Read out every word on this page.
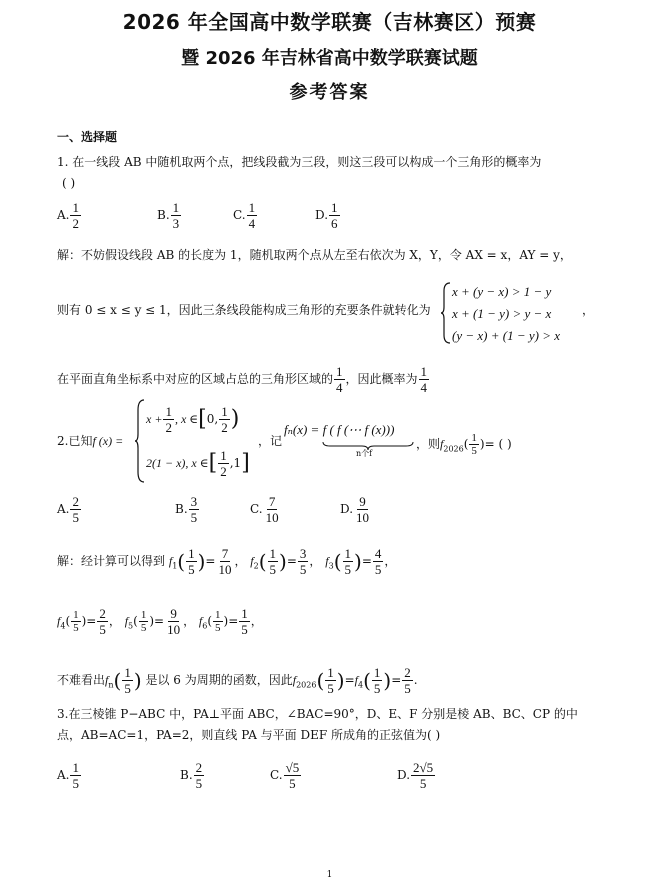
2026 年全国高中数学联赛（吉林赛区）预赛
暨 2026 年吉林省高中数学联赛试题
参考答案
一、选择题
1. 在一线段 AB 中随机取两个点，把线段截为三段，则这三段可以构成一个三角形的概率为
( )
A. $\frac{1}{2}$	B. $\frac{1}{3}$	C. $\frac{1}{4}$	D. $\frac{1}{6}$
解：不妨假设线段 AB 的长度为 1，随机取两个点从左至右依次为 X，Y，令 AX = x，AY = y，
则有 0 ≤ x ≤ y ≤ 1，因此三条线段能构成三角形的充要条件就转化为
x + (y − x) > 1 − y
x + (1 − y) > y − x
(y − x) + (1 − y) > x
，
在平面直角坐标系中对应的区域占总的三角形区域的 $\frac{1}{4}$ ，因此概率为 $\frac{1}{4}$
2.已知f (x) =
$x + \frac{1}{2}$ , x ∈[0, $\frac{1}{2}$ )
2(1 − x), x ∈[ $\frac{1}{2} ,1$]
，记
fₙ(x) = f ( f (⋯ f (x)))
n个f
，则$f_{2026}( \frac{1}{5}$ )= ( )
A. $\frac{2}{5}$	B. $\frac{3}{5}$	C. $\frac{7}{10}$	D. $\frac{9}{10}$
解：经计算可以得到 $f_1( \frac{1}{5}$ )= $\frac{7}{10}$ ， $f_2( \frac{1}{5}$ )= $\frac{3}{5}$ ， $f_3( \frac{1}{5}$ )= $\frac{4}{5}$ ，
$f_4( \frac{1}{5}$ )= $\frac{2}{5}$ ， $f_5( \frac{1}{5}$ )= $\frac{9}{10}$ ， $f_6( \frac{1}{5}$ )= $\frac{1}{5}$ ，
不难看出$f_n( \frac{1}{5}$ ) 是以 6 为周期的函数，因此$f_{2026}( \frac{1}{5} )=f_4( \frac{1}{5}$ )= $\frac{2}{5}$ .
3.在三棱锥 P−ABC 中，PA⊥平面 ABC，∠BAC=90°，D、E、F 分别是棱 AB、BC、CP 的中
点，AB=AC=1，PA=2，则直线 PA 与平面 DEF 所成角的正弦值为( )
A. $\frac{1}{5}$	B. $\frac{2}{5}$	C. $\frac{√5}{5}$	D. $\frac{2√5}{5}$
1
